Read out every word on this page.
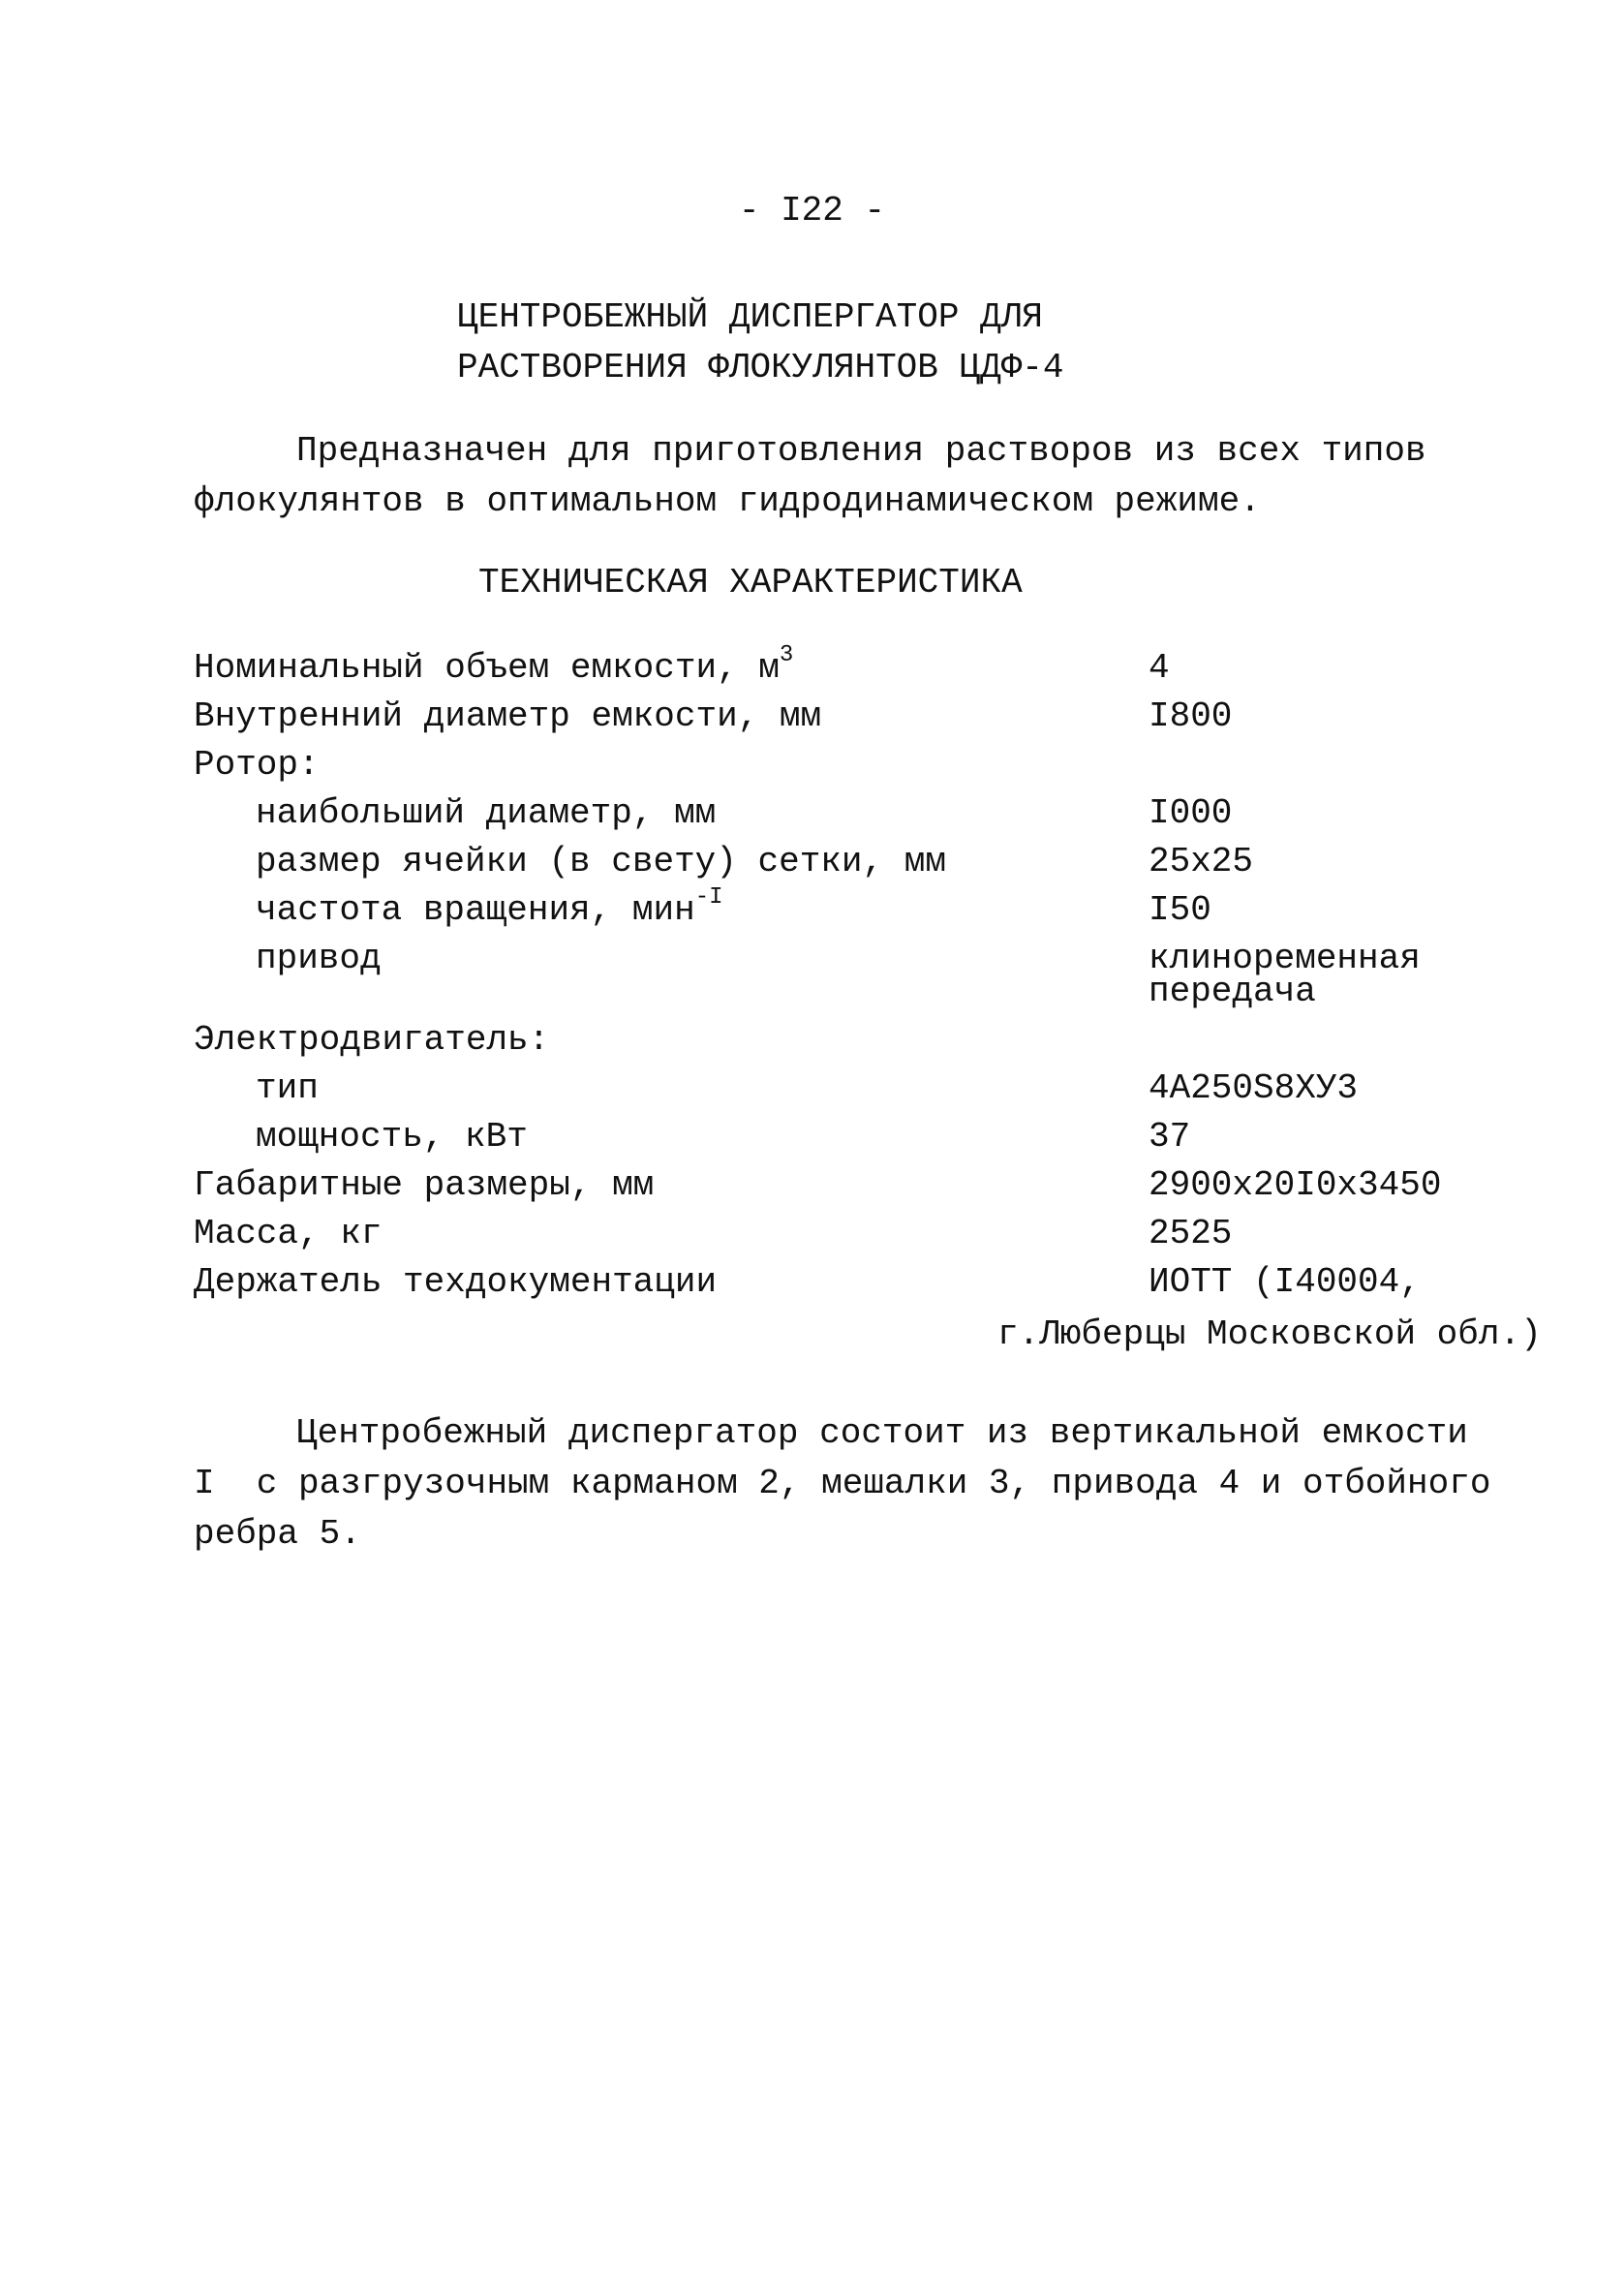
- I22 -
ЦЕНТРОБЕЖНЫЙ ДИСПЕРГАТОР ДЛЯ
РАСТВОРЕНИЯ ФЛОКУЛЯНТОВ ЦДФ-4
Предназначен для приготовления растворов из всех типов
флокулянтов в оптимальном гидродинамическом режиме.
ТЕХНИЧЕСКАЯ ХАРАКТЕРИСТИКА
Номинальный объем емкости, $м^3$	4
Внутренний диаметр емкости, мм	I800
Ротор:
наибольший диаметр, мм	I000
размер ячейки (в свету) сетки, мм	25х25
частота вращения, мин$^{-I}$	I50
привод	клиноременная
передача
Электродвигатель:
тип	4А250S8ХУ3
мощность, кВт	37
Габаритные размеры, мм	2900х20I0х3450
Масса, кг	2525
Держатель техдокументации	ИОТТ (I40004,
г.Люберцы Московской обл.)
Центробежный диспергатор состоит из вертикальной емкости
I  с разгрузочным карманом 2, мешалки 3, привода 4 и отбойного
ребра 5.
